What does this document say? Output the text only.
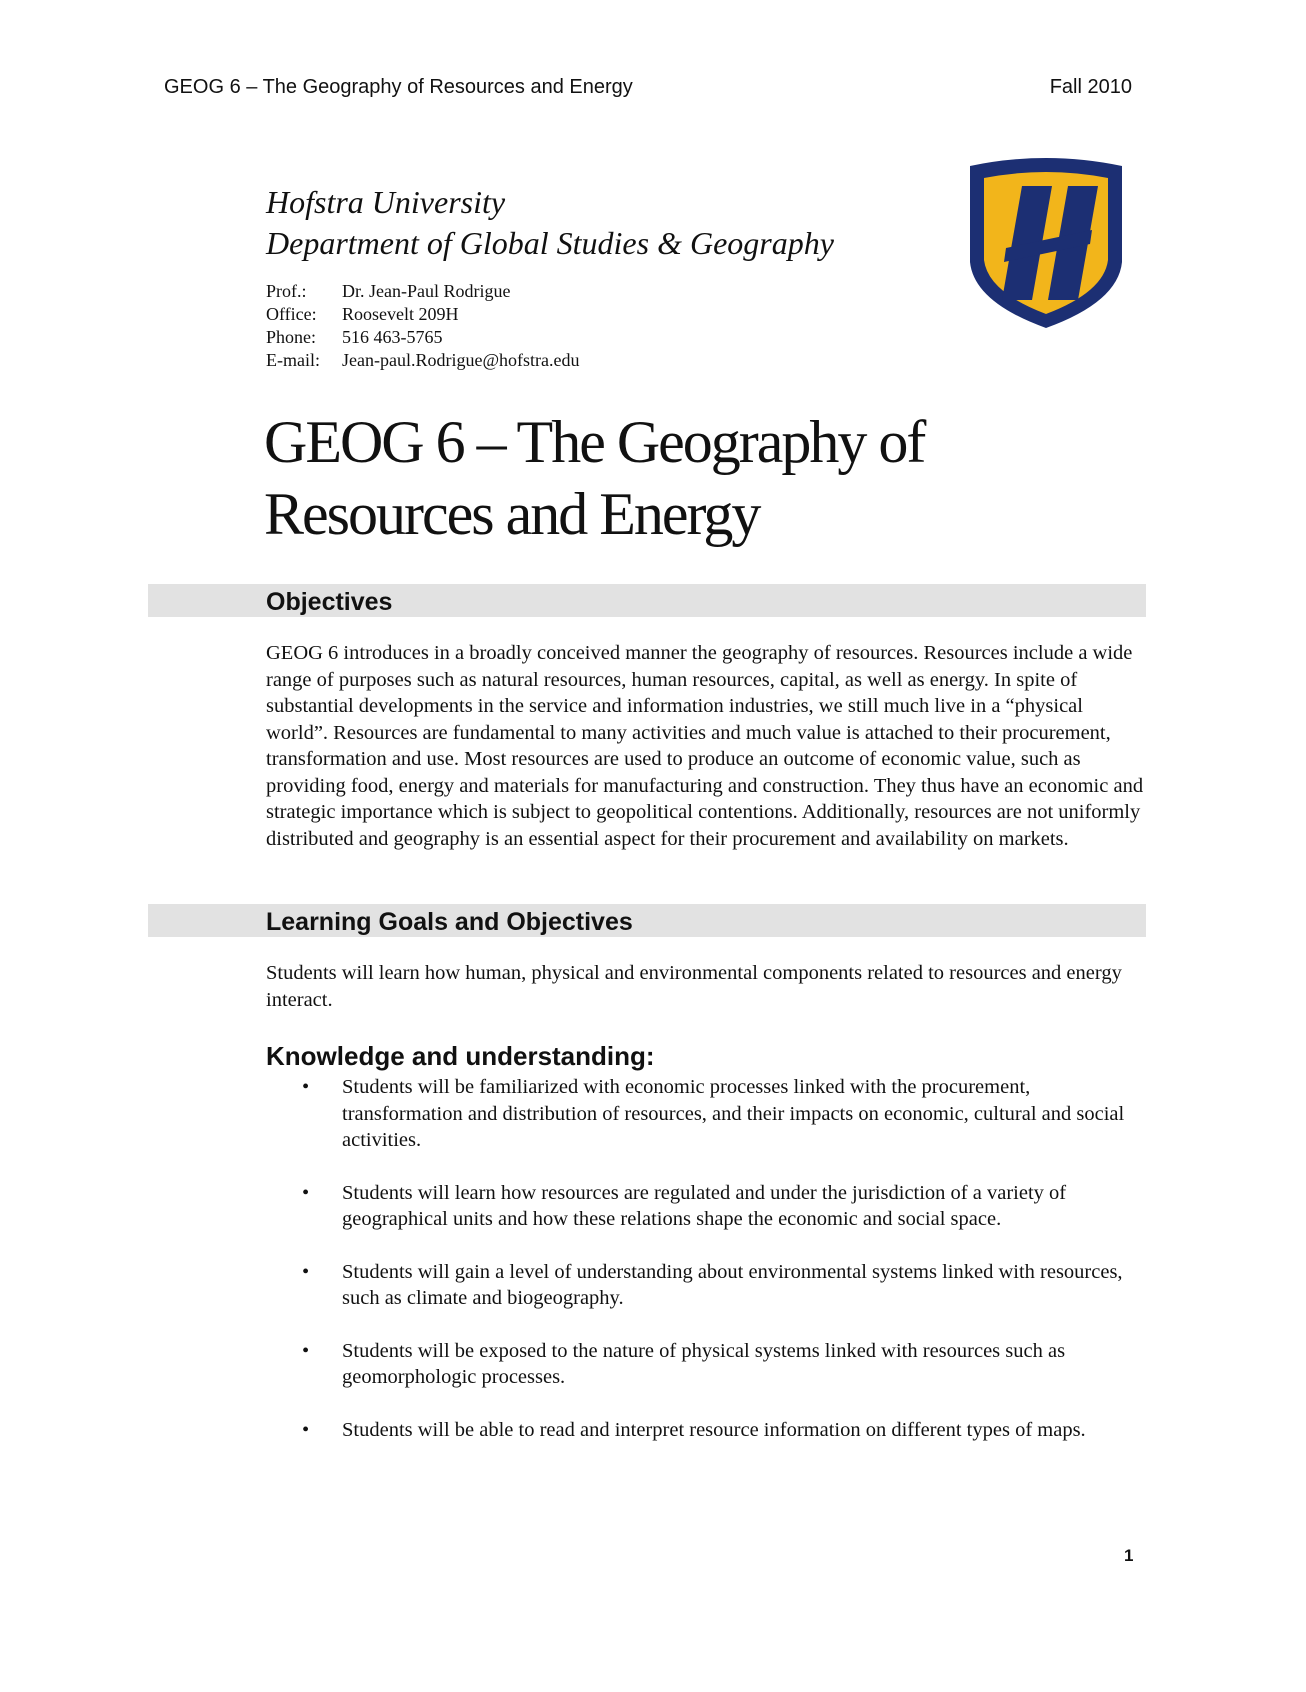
GEOG 6 – The Geography of Resources and Energy	Fall 2010
Hofstra University
Department of Global Studies & Geography
Prof.:	Dr. Jean-Paul Rodrigue
Office:	Roosevelt 209H
Phone:	516 463-5765
E-mail:	Jean-paul.Rodrigue@hofstra.edu
GEOG 6 – The Geography of
Resources and Energy
Objectives

GEOG 6 introduces in a broadly conceived manner the geography of resources. Resources include a wide range of purposes such as natural resources, human resources, capital, as well as energy. In spite of substantial developments in the service and information industries, we still much live in a “physical world”. Resources are fundamental to many activities and much value is attached to their procurement, transformation and use. Most resources are used to produce an outcome of economic value, such as providing food, energy and materials for manufacturing and construction. They thus have an economic and strategic importance which is subject to geopolitical contentions. Additionally, resources are not uniformly distributed and geography is an essential aspect for their procurement and availability on markets.

Learning Goals and Objectives

Students will learn how human, physical and environmental components related to resources and energy interact.

Knowledge and understanding:
• Students will be familiarized with economic processes linked with the procurement, transformation and distribution of resources, and their impacts on economic, cultural and social activities.
• Students will learn how resources are regulated and under the jurisdiction of a variety of geographical units and how these relations shape the economic and social space.
• Students will gain a level of understanding about environmental systems linked with resources, such as climate and biogeography.
• Students will be exposed to the nature of physical systems linked with resources such as geomorphologic processes.
• Students will be able to read and interpret resource information on different types of maps.
1
